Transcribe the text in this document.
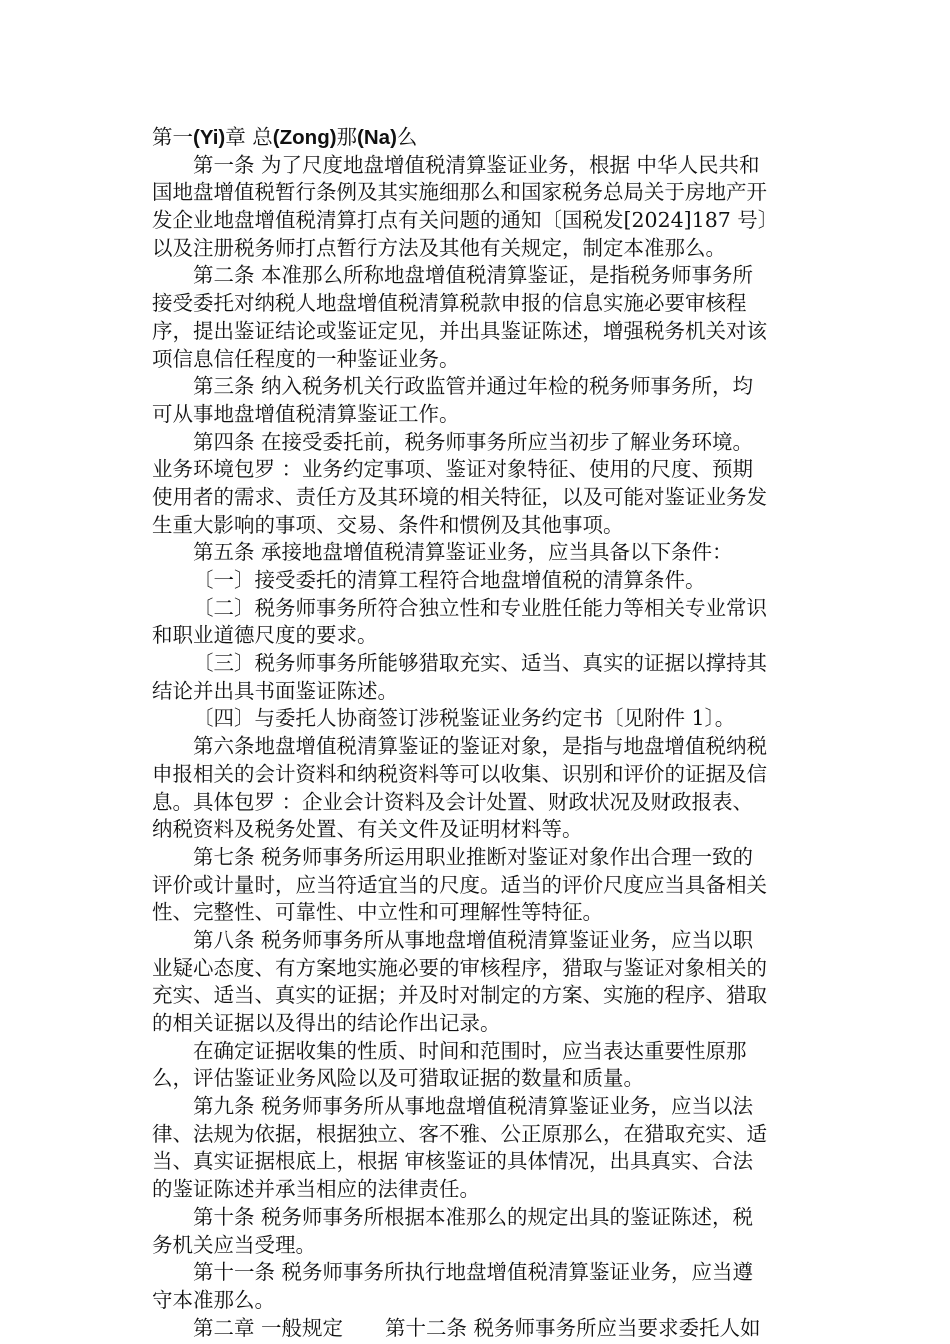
第一(Yi)章 总(Zong)那(Na)么
第一条 为了尺度地盘增值税清算鉴证业务，根据 中华人民共和
国地盘增值税暂行条例及其实施细那么和国家税务总局关于房地产开
发企业地盘增值税清算打点有关问题的通知〔国税发[2024]187 号〕
以及注册税务师打点暂行方法及其他有关规定，制定本准那么。
第二条 本准那么所称地盘增值税清算鉴证，是指税务师事务所
接受委托对纳税人地盘增值税清算税款申报的信息实施必要审核程
序，提出鉴证结论或鉴证定见，并出具鉴证陈述，增强税务机关对该
项信息信任程度的一种鉴证业务。
第三条 纳入税务机关行政监管并通过年检的税务师事务所，均
可从事地盘增值税清算鉴证工作。
第四条 在接受委托前，税务师事务所应当初步了解业务环境。
业务环境包罗 ：业务约定事项、鉴证对象特征、使用的尺度、预期
使用者的需求、责任方及其环境的相关特征，以及可能对鉴证业务发
生重大影响的事项、交易、条件和惯例及其他事项。
第五条 承接地盘增值税清算鉴证业务，应当具备以下条件：
〔一〕接受委托的清算工程符合地盘增值税的清算条件。
〔二〕税务师事务所符合独立性和专业胜任能力等相关专业常识
和职业道德尺度的要求。
〔三〕税务师事务所能够猎取充实、适当、真实的证据以撑持其
结论并出具书面鉴证陈述。
〔四〕与委托人协商签订涉税鉴证业务约定书〔见附件 1〕。
第六条地盘增值税清算鉴证的鉴证对象，是指与地盘增值税纳税
申报相关的会计资料和纳税资料等可以收集、识别和评价的证据及信
息。具体包罗 ：企业会计资料及会计处置、财政状况及财政报表、
纳税资料及税务处置、有关文件及证明材料等。
第七条 税务师事务所运用职业推断对鉴证对象作出合理一致的
评价或计量时，应当符适宜当的尺度。适当的评价尺度应当具备相关
性、完整性、可靠性、中立性和可理解性等特征。
第八条 税务师事务所从事地盘增值税清算鉴证业务，应当以职
业疑心态度、有方案地实施必要的审核程序，猎取与鉴证对象相关的
充实、适当、真实的证据；并及时对制定的方案、实施的程序、猎取
的相关证据以及得出的结论作出记录。
在确定证据收集的性质、时间和范围时，应当表达重要性原那
么，评估鉴证业务风险以及可猎取证据的数量和质量。
第九条 税务师事务所从事地盘增值税清算鉴证业务，应当以法
律、法规为依据，根据独立、客不雅、公正原那么，在猎取充实、适
当、真实证据根底上，根据 审核鉴证的具体情况，出具真实、合法
的鉴证陈述并承当相应的法律责任。
第十条 税务师事务所根据本准那么的规定出具的鉴证陈述，税
务机关应当受理。
第十一条 税务师事务所执行地盘增值税清算鉴证业务，应当遵
守本准那么。
第二章 一般规定 第十二条 税务师事务所应当要求委托人如
